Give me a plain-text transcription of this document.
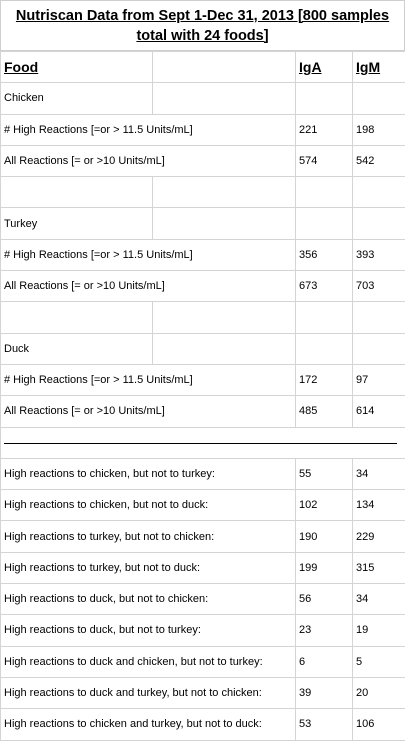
Nutriscan Data from Sept 1-Dec 31, 2013 [800 samples total with 24 foods]
Food		IgA	IgM
Chicken			
# High Reactions [=or > 11.5 Units/mL]		221	198
All Reactions [= or >10 Units/mL]		574	542

Turkey			
# High Reactions [=or > 11.5 Units/mL]		356	393
All Reactions [= or >10 Units/mL]		673	703

Duck			
# High Reactions [=or > 11.5 Units/mL]		172	97
All Reactions [= or >10 Units/mL]		485	614

High reactions to chicken, but not to turkey:		55	34
High reactions to chicken, but not to duck:		102	134
High reactions to turkey, but not to chicken:		190	229
High reactions to turkey, but not to duck:		199	315
High reactions to duck, but not to chicken:		56	34
High reactions to duck, but not to turkey:		23	19
High reactions to duck and chicken, but not to turkey:		6	5
High reactions to duck and turkey, but not to chicken:		39	20
High reactions to chicken and turkey, but not to duck:		53	106
